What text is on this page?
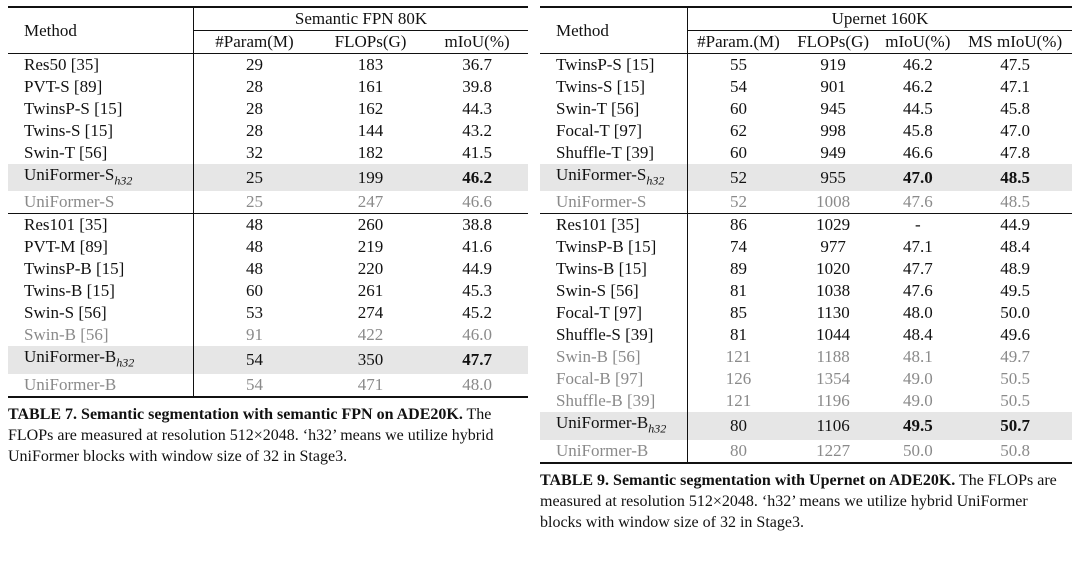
Method	Semantic FPN 80K		
	#Param(M)	FLOPs(G)	mIoU(%)
Res50 [35]	29	183	36.7
PVT-S [89]	28	161	39.8
TwinsP-S [15]	28	162	44.3
Twins-S [15]	28	144	43.2
Swin-T [56]	32	182	41.5
UniFormer-$S_{h32}$	25	199	46.2
UniFormer-S	25	247	46.6
Res101 [35]	48	260	38.8
PVT-M [89]	48	219	41.6
TwinsP-B [15]	48	220	44.9
Twins-B [15]	60	261	45.3
Swin-S [56]	53	274	45.2
Swin-B [56]	91	422	46.0
UniFormer-$B_{h32}$	54	350	47.7
UniFormer-B	54	471	48.0
TABLE 7. Semantic segmentation with semantic FPN on ADE20K. The FLOPs are measured at resolution 512×2048. ‘h32’ means we utilize hybrid UniFormer blocks with window size of 32 in Stage3.
Method	Upernet 160K			
	#Param.(M)	FLOPs(G)	mIoU(%)	MS mIoU(%)
TwinsP-S [15]	55	919	46.2	47.5
Twins-S [15]	54	901	46.2	47.1
Swin-T [56]	60	945	44.5	45.8
Focal-T [97]	62	998	45.8	47.0
Shuffle-T [39]	60	949	46.6	47.8
UniFormer-$S_{h32}$	52	955	47.0	48.5
UniFormer-S	52	1008	47.6	48.5
Res101 [35]	86	1029	-	44.9
TwinsP-B [15]	74	977	47.1	48.4
Twins-B [15]	89	1020	47.7	48.9
Swin-S [56]	81	1038	47.6	49.5
Focal-T [97]	85	1130	48.0	50.0
Shuffle-S [39]	81	1044	48.4	49.6
Swin-B [56]	121	1188	48.1	49.7
Focal-B [97]	126	1354	49.0	50.5
Shuffle-B [39]	121	1196	49.0	50.5
UniFormer-$B_{h32}$	80	1106	49.5	50.7
UniFormer-B	80	1227	50.0	50.8
TABLE 9. Semantic segmentation with Upernet on ADE20K. The FLOPs are measured at resolution 512×2048. ‘h32’ means we utilize hybrid UniFormer blocks with window size of 32 in Stage3.
